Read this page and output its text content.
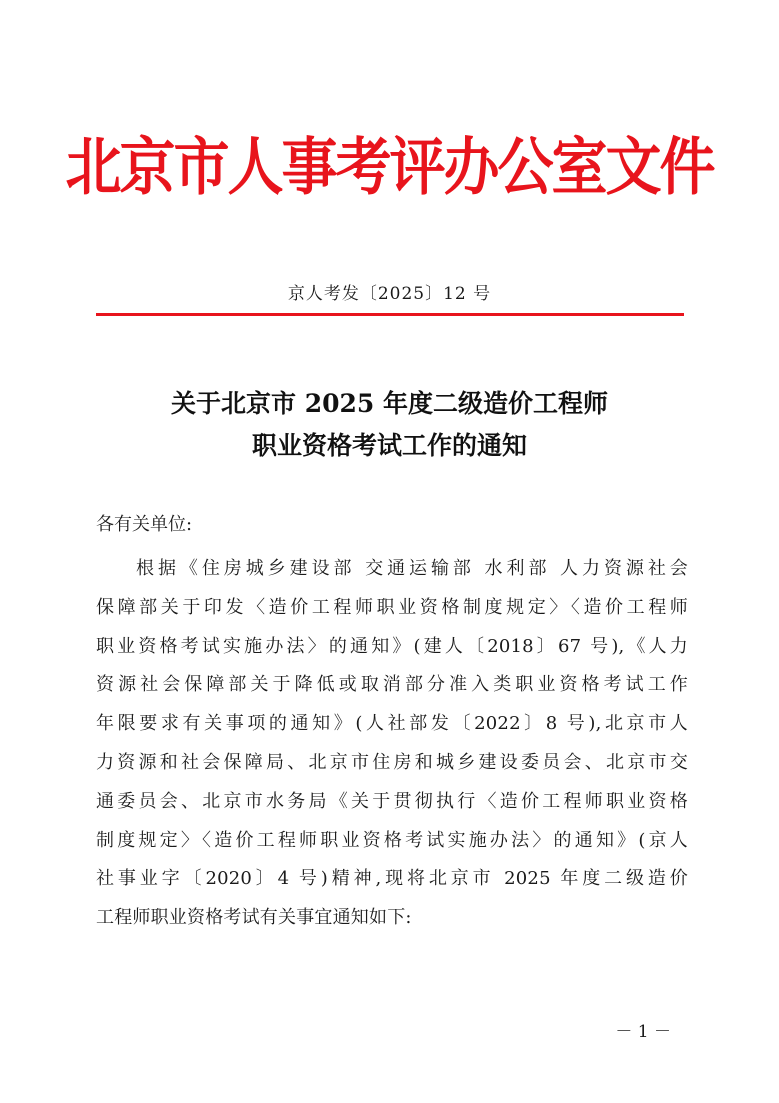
北京市人事考评办公室文件
京人考发〔2025〕12 号
关于北京市 2025 年度二级造价工程师
职业资格考试工作的通知
各有关单位:
根据《住房城乡建设部 交通运输部 水利部 人力资源社会
保障部关于印发〈造价工程师职业资格制度规定〉〈造价工程师
职业资格考试实施办法〉的通知》(建人〔2018〕67 号),《人力
资源社会保障部关于降低或取消部分准入类职业资格考试工作
年限要求有关事项的通知》(人社部发〔2022〕8 号),北京市人
力资源和社会保障局、北京市住房和城乡建设委员会、北京市交
通委员会、北京市水务局《关于贯彻执行〈造价工程师职业资格
制度规定〉〈造价工程师职业资格考试实施办法〉的通知》(京人
社事业字〔2020〕4 号)精神,现将北京市 2025 年度二级造价
工程师职业资格考试有关事宜通知如下:
－ 1 －
